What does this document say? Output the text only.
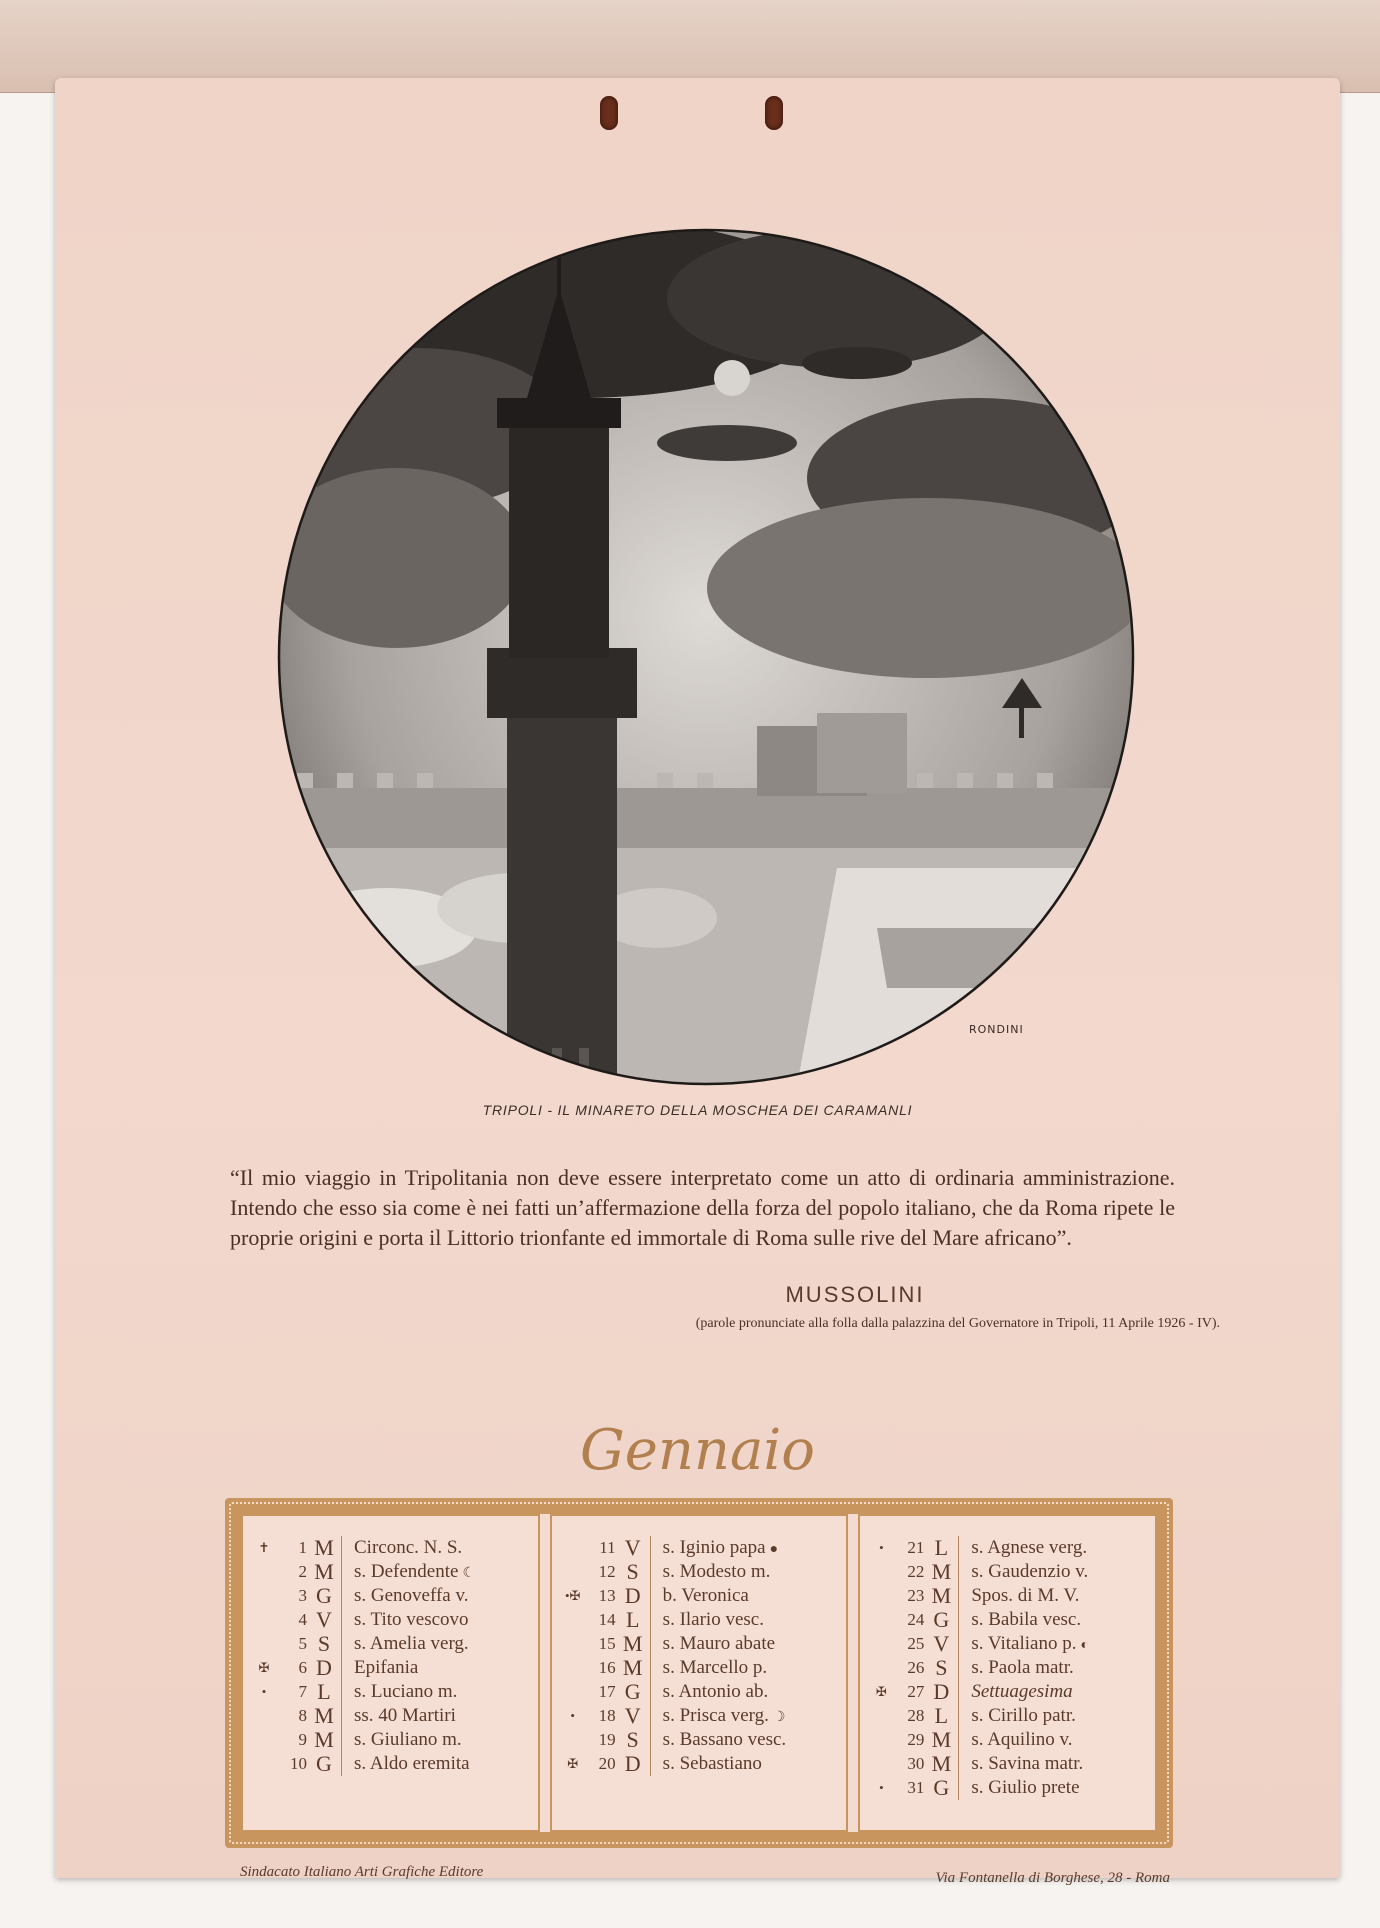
RONDINI
TRIPOLI - IL MINARETO DELLA MOSCHEA DEI CARAMANLI
“Il mio viaggio in Tripolitania non deve essere interpretato come un atto di ordinaria amministrazione. Intendo che esso sia come è nei fatti un’affermazione della forza del popolo italiano, che da Roma ripete le proprie origini e porta il Littorio trionfante ed immortale di Roma sulle rive del Mare africano”.
MUSSOLINI
(parole pronunciate alla folla dalla palazzina del Governatore in Tripoli, 11 Aprile 1926 - IV).
Gennaio
✝	1 M	Circonc. N. S.
2 M	s. Defendente ☾
3 G	s. Genoveffa v.
4 V	s. Tito vescovo
5 S	s. Amelia verg.
✠	6 D	Epifania
•	7 L	s. Luciano m.
8 M	ss. 40 Martiri
9 M	s. Giuliano m.
10 G	s. Aldo eremita
11 V	s. Iginio papa ●
12 S	s. Modesto m.
•✠	13 D	b. Veronica
14 L	s. Ilario vesc.
15 M	s. Mauro abate
16 M	s. Marcello p.
17 G	s. Antonio ab.
•	18 V	s. Prisca verg. ☽
19 S	s. Bassano vesc.
✠	20 D	s. Sebastiano
•	21 L	s. Agnese verg.
22 M	s. Gaudenzio v.
23 M	Spos. di M. V.
24 G	s. Babila vesc.
25 V	s. Vitaliano p. ◐
26 S	s. Paola matr.
✠	27 D	Settuagesima
28 L	s. Cirillo patr.
29 M	s. Aquilino v.
30 M	s. Savina matr.
•	31 G	s. Giulio prete
Sindacato Italiano Arti Grafiche Editore	Via Fontanella di Borghese, 28 - Roma
